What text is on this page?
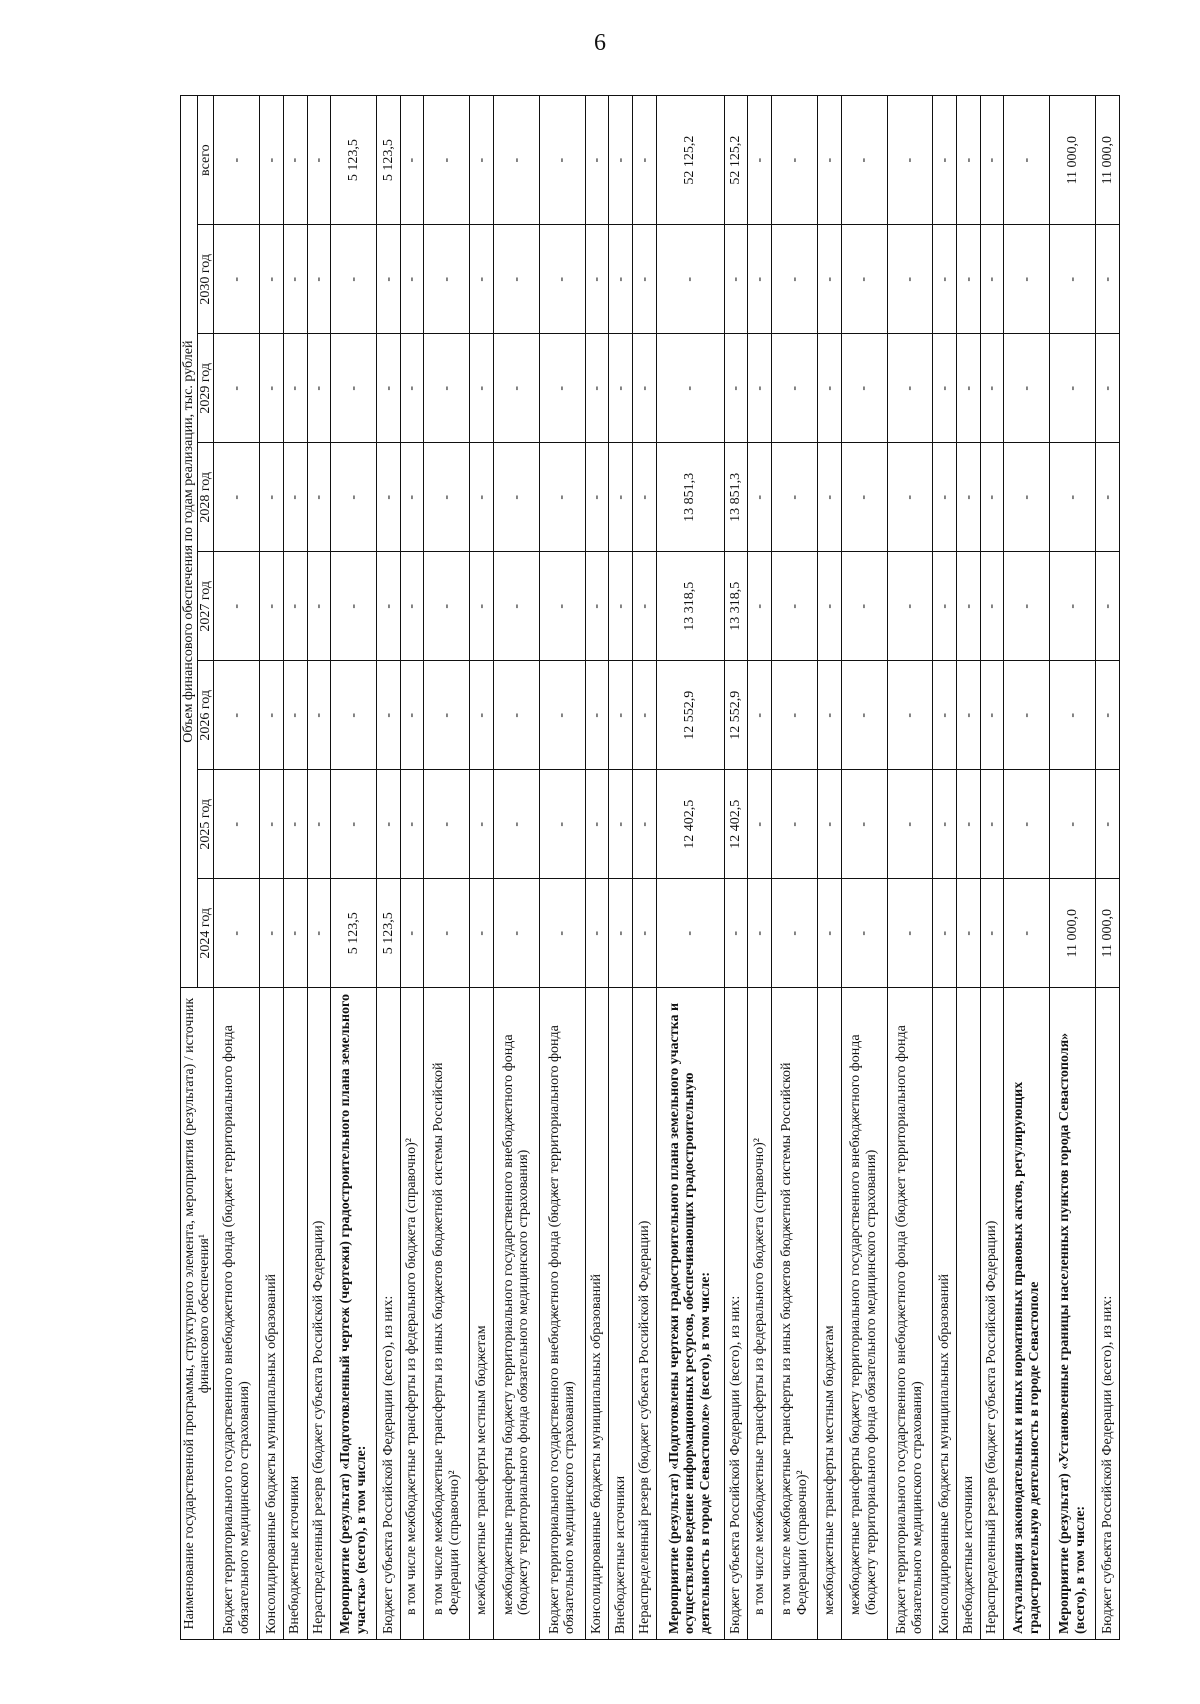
6
Наименование государственной программы, структурного элемента, мероприятия (результата) / источник финансового обеспечения¹	Объем финансового обеспечения по годам реализации, тыс. рублей							
	2024 год	2025 год	2026 год	2027 год	2028 год	2029 год	2030 год	всего
Бюджет территориального государственного внебюджетного фонда (бюджет территориального фонда обязательного медицинского страхования)	-	-	-	-	-	-	-	-
Консолидированные бюджеты муниципальных образований	-	-	-	-	-	-	-	-
Внебюджетные источники	-	-	-	-	-	-	-	-
Нераспределенный резерв (бюджет субъекта Российской Федерации)	-	-	-	-	-	-	-	-
Мероприятие (результат) «Подготовленный чертеж (чертежи) градостроительного плана земельного участка» (всего), в том числе:	5 123,5	-	-	-	-	-	-	5 123,5
Бюджет субъекта Российской Федерации (всего), из них:	5 123,5	-	-	-	-	-	-	5 123,5
в том числе межбюджетные трансферты из федерального бюджета (справочно)²	-	-	-	-	-	-	-	-
в том числе межбюджетные трансферты из иных бюджетов бюджетной системы Российской Федерации (справочно)²	-	-	-	-	-	-	-	-
межбюджетные трансферты местным бюджетам	-	-	-	-	-	-	-	-
межбюджетные трансферты бюджету территориального государственного внебюджетного фонда (бюджету территориального фонда обязательного медицинского страхования)	-	-	-	-	-	-	-	-
Бюджет территориального государственного внебюджетного фонда (бюджет территориального фонда обязательного медицинского страхования)	-	-	-	-	-	-	-	-
Консолидированные бюджеты муниципальных образований	-	-	-	-	-	-	-	-
Внебюджетные источники	-	-	-	-	-	-	-	-
Нераспределенный резерв (бюджет субъекта Российской Федерации)	-	-	-	-	-	-	-	-
Мероприятие (результат) «Подготовлены чертежи градостроительного плана земельного участка и осуществлено ведение информационных ресурсов, обеспечивающих градостроительную деятельность в городе Севастополе» (всего), в том числе:	-	12 402,5	12 552,9	13 318,5	13 851,3	-	-	52 125,2
Бюджет субъекта Российской Федерации (всего), из них:	-	12 402,5	12 552,9	13 318,5	13 851,3	-	-	52 125,2
в том числе межбюджетные трансферты из федерального бюджета (справочно)²	-	-	-	-	-	-	-	-
в том числе межбюджетные трансферты из иных бюджетов бюджетной системы Российской Федерации (справочно)²	-	-	-	-	-	-	-	-
межбюджетные трансферты местным бюджетам	-	-	-	-	-	-	-	-
межбюджетные трансферты бюджету территориального государственного внебюджетного фонда (бюджету территориального фонда обязательного медицинского страхования)	-	-	-	-	-	-	-	-
Бюджет территориального государственного внебюджетного фонда (бюджет территориального фонда обязательного медицинского страхования)	-	-	-	-	-	-	-	-
Консолидированные бюджеты муниципальных образований	-	-	-	-	-	-	-	-
Внебюджетные источники	-	-	-	-	-	-	-	-
Нераспределенный резерв (бюджет субъекта Российской Федерации)	-	-	-	-	-	-	-	-
Актуализация законодательных и иных нормативных правовых актов, регулирующих градостроительную деятельность в городе Севастополе	-	-	-	-	-	-	-	-
Мероприятие (результат) «Установленные границы населенных пунктов города Севастополя» (всего), в том числе:	11 000,0	-	-	-	-	-	-	11 000,0
Бюджет субъекта Российской Федерации (всего), из них:	11 000,0	-	-	-	-	-	-	11 000,0
